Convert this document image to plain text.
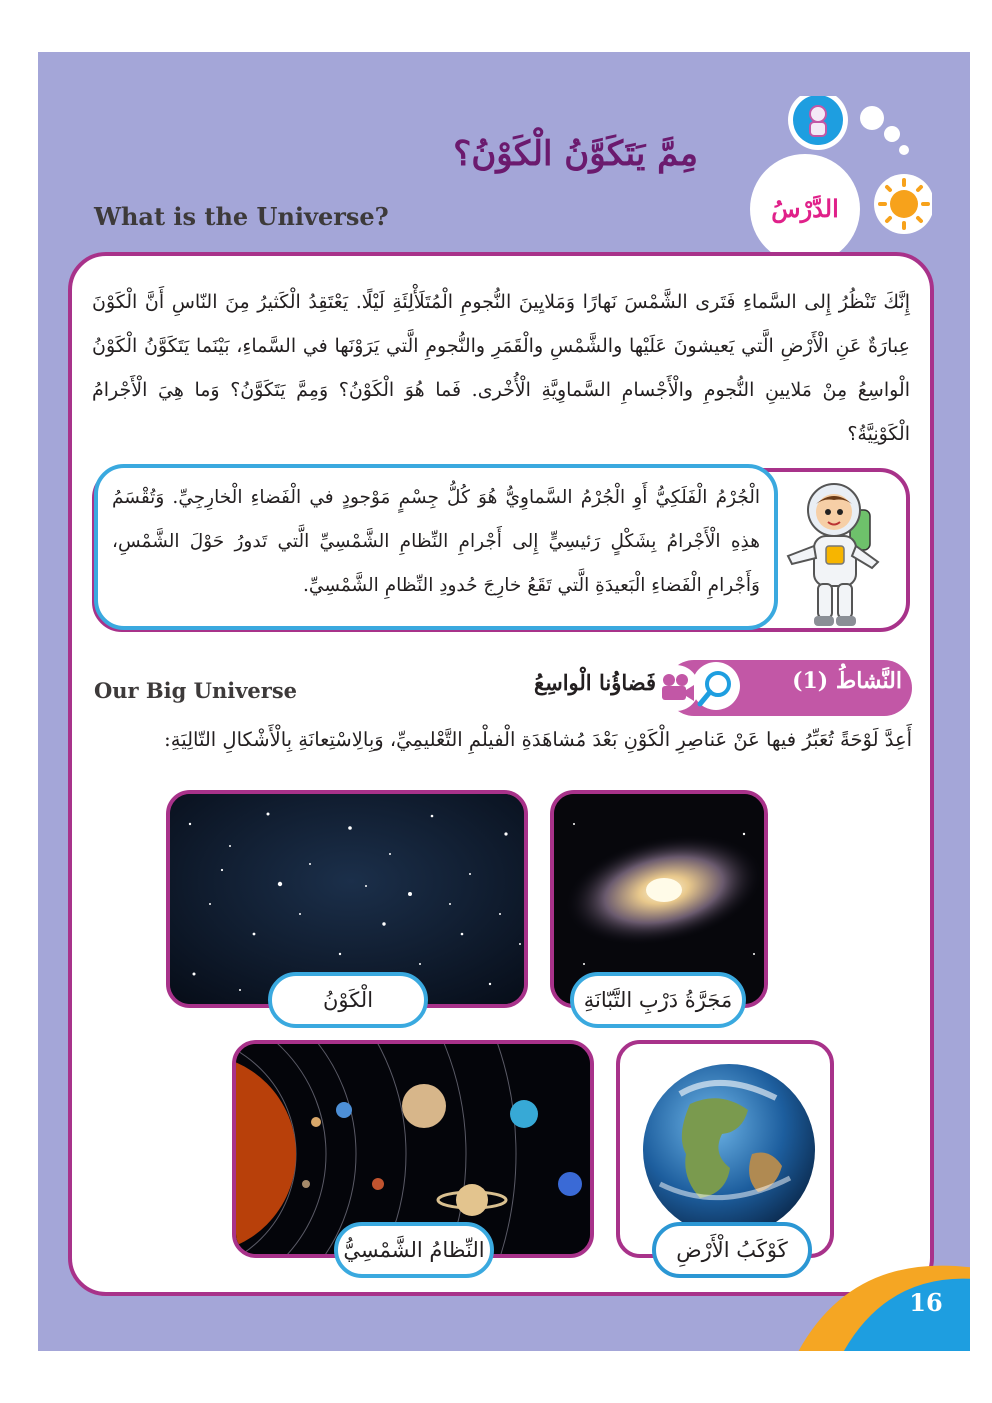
الدَّرْسُ
مِمَّ يَتَكَوَّنُ الْكَوْنُ؟
What is the Universe?
إِنَّكَ تَنْظُرُ إِلى السَّماءِ فَتَرى الشَّمْسَ نَهارًا وَمَلايِينَ النُّجومِ الْمُتَلَأْلِئَةِ لَيْلًا. يَعْتَقِدُ الْكَثيرُ مِنَ النّاسِ أَنَّ الْكَوْنَ عِبارَةٌ عَنِ الْأَرْضِ الَّتي يَعيشونَ عَلَيْها والشَّمْسِ والْقَمَرِ والنُّجومِ الَّتي يَرَوْنَها في السَّماءِ، بَيْنَما يَتَكَوَّنُ الْكَوْنُ الْواسِعُ مِنْ مَلايينِ النُّجومِ والْأَجْسامِ السَّماوِيَّةِ الْأُخْرى. فَما هُوَ الْكَوْنُ؟ وَمِمَّ يَتَكَوَّنُ؟ وَما هِيَ الْأَجْرامُ الْكَوْنِيَّةُ؟
الْجُرْمُ الْفَلَكِيُّ أَوِ الْجُرْمُ السَّماوِيُّ هُوَ كُلُّ جِسْمٍ مَوْجودٍ في الْفَضاءِ الْخارِجِيِّ. وَتُقْسَمُ هذِهِ الْأَجْرامُ بِشَكْلٍ رَئيسِيٍّ إِلى أَجْرامِ النِّظامِ الشَّمْسِيِّ الَّتي تَدورُ حَوْلَ الشَّمْسِ، وَأَجْرامِ الْفَضاءِ الْبَعيدَةِ الَّتي تَقَعُ خارِجَ حُدودِ النِّظامِ الشَّمْسِيِّ.
النَّشاطُ (1)
فَضاؤُنا الْواسِعُ
Our Big Universe
أَعِدَّ لَوْحَةً تُعَبِّرُ فيها عَنْ عَناصِرِ الْكَوْنِ بَعْدَ مُشاهَدَةِ الْفيلْمِ التَّعْليمِيِّ، وَبِالِاسْتِعانَةِ بِالْأَشْكالِ التّالِيَةِ:
الْكَوْنُ	مَجَرَّةُ دَرْبِ التَّبّانَةِ
النِّظامُ الشَّمْسِيُّ	كَوْكَبُ الْأَرْضِ
16
